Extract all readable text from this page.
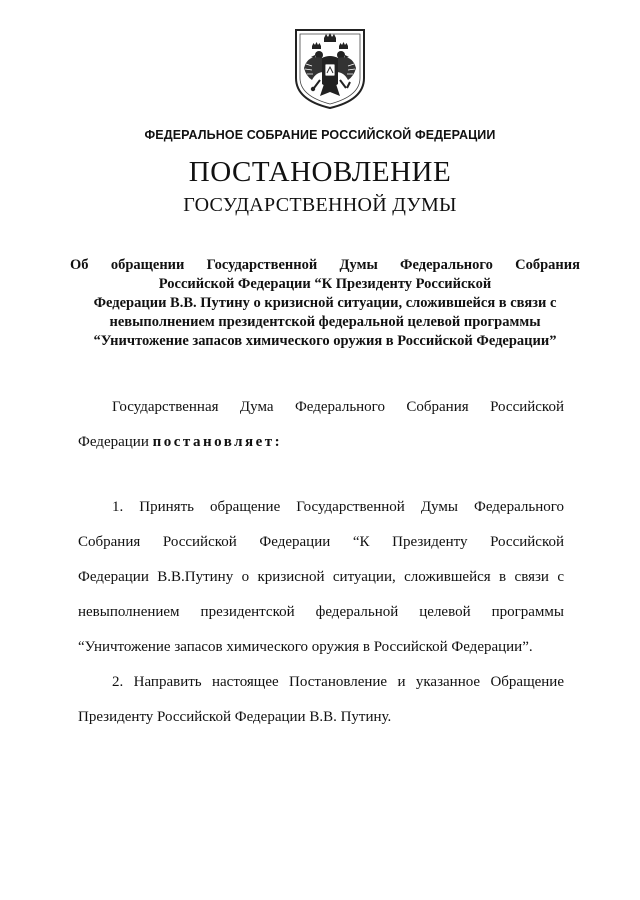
ФЕДЕРАЛЬНОЕ СОБРАНИЕ РОССИЙСКОЙ ФЕДЕРАЦИИ
ПОСТАНОВЛЕНИЕ
ГОСУДАРСТВЕННОЙ ДУМЫ
Об обращении Государственной Думы Федерального Собрания
Российской Федерации “К Президенту Российской
Федерации В.В. Путину о кризисной ситуации, сложившейся в связи с
невыполнением президентской федеральной целевой программы
“Уничтожение запасов химического оружия в Российской Федерации”
Государственная Дума Федерального Собрания Российской
Федерации постановляет:
1. Принять обращение Государственной Думы Федерального
Собрания Российской Федерации “К Президенту Российской
Федерации В.В.Путину о кризисной ситуации, сложившейся в связи с
невыполнением президентской федеральной целевой программы
“Уничтожение запасов химического оружия в Российской Федерации”.
2. Направить настоящее Постановление и указанное Обращение
Президенту Российской Федерации В.В. Путину.
